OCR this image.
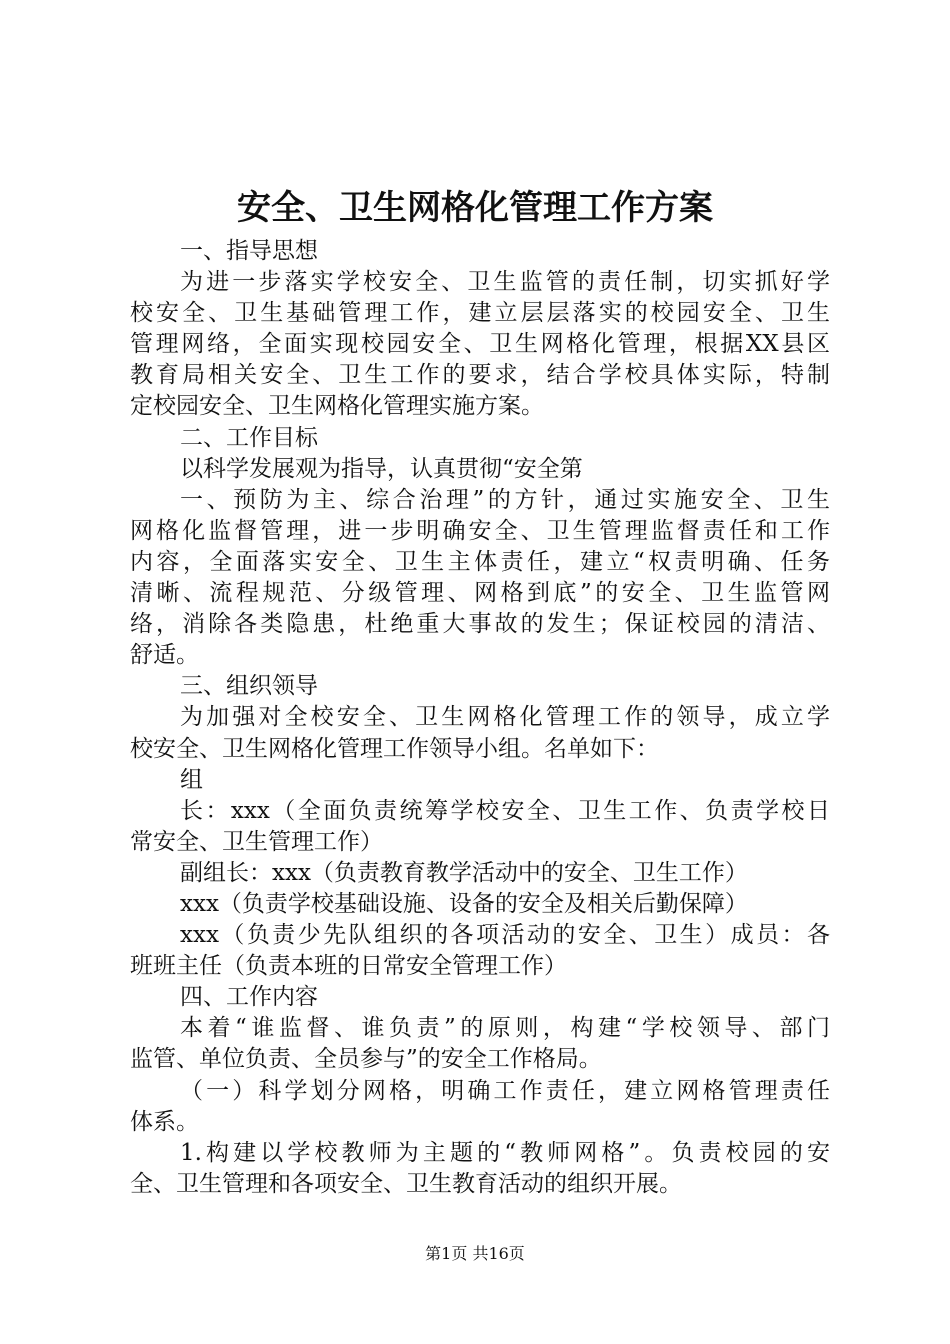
安全、卫生网格化管理工作方案
一、指导思想
为进一步落实学校安全、卫生监管的责任制，切实抓好学
校安全、卫生基础管理工作，建立层层落实的校园安全、卫生
管理网络，全面实现校园安全、卫生网格化管理，根据XX县区
教育局相关安全、卫生工作的要求，结合学校具体实际，特制
定校园安全、卫生网格化管理实施方案。
二、工作目标
以科学发展观为指导，认真贯彻“安全第
一、预防为主、综合治理”的方针，通过实施安全、卫生
网格化监督管理，进一步明确安全、卫生管理监督责任和工作
内容，全面落实安全、卫生主体责任，建立“权责明确、任务
清晰、流程规范、分级管理、网格到底”的安全、卫生监管网
络，消除各类隐患，杜绝重大事故的发生；保证校园的清洁、
舒适。
三、组织领导
为加强对全校安全、卫生网格化管理工作的领导，成立学
校安全、卫生网格化管理工作领导小组。名单如下：
组
长：xxx（全面负责统筹学校安全、卫生工作、负责学校日
常安全、卫生管理工作）
副组长：xxx（负责教育教学活动中的安全、卫生工作）
xxx（负责学校基础设施、设备的安全及相关后勤保障）
xxx（负责少先队组织的各项活动的安全、卫生）成员：各
班班主任（负责本班的日常安全管理工作）
四、工作内容
本着“谁监督、谁负责”的原则，构建“学校领导、部门
监管、单位负责、全员参与”的安全工作格局。
（一）科学划分网格，明确工作责任，建立网格管理责任
体系。
1.构建以学校教师为主题的“教师网格”。负责校园的安
全、卫生管理和各项安全、卫生教育活动的组织开展。
第1页 共16页
